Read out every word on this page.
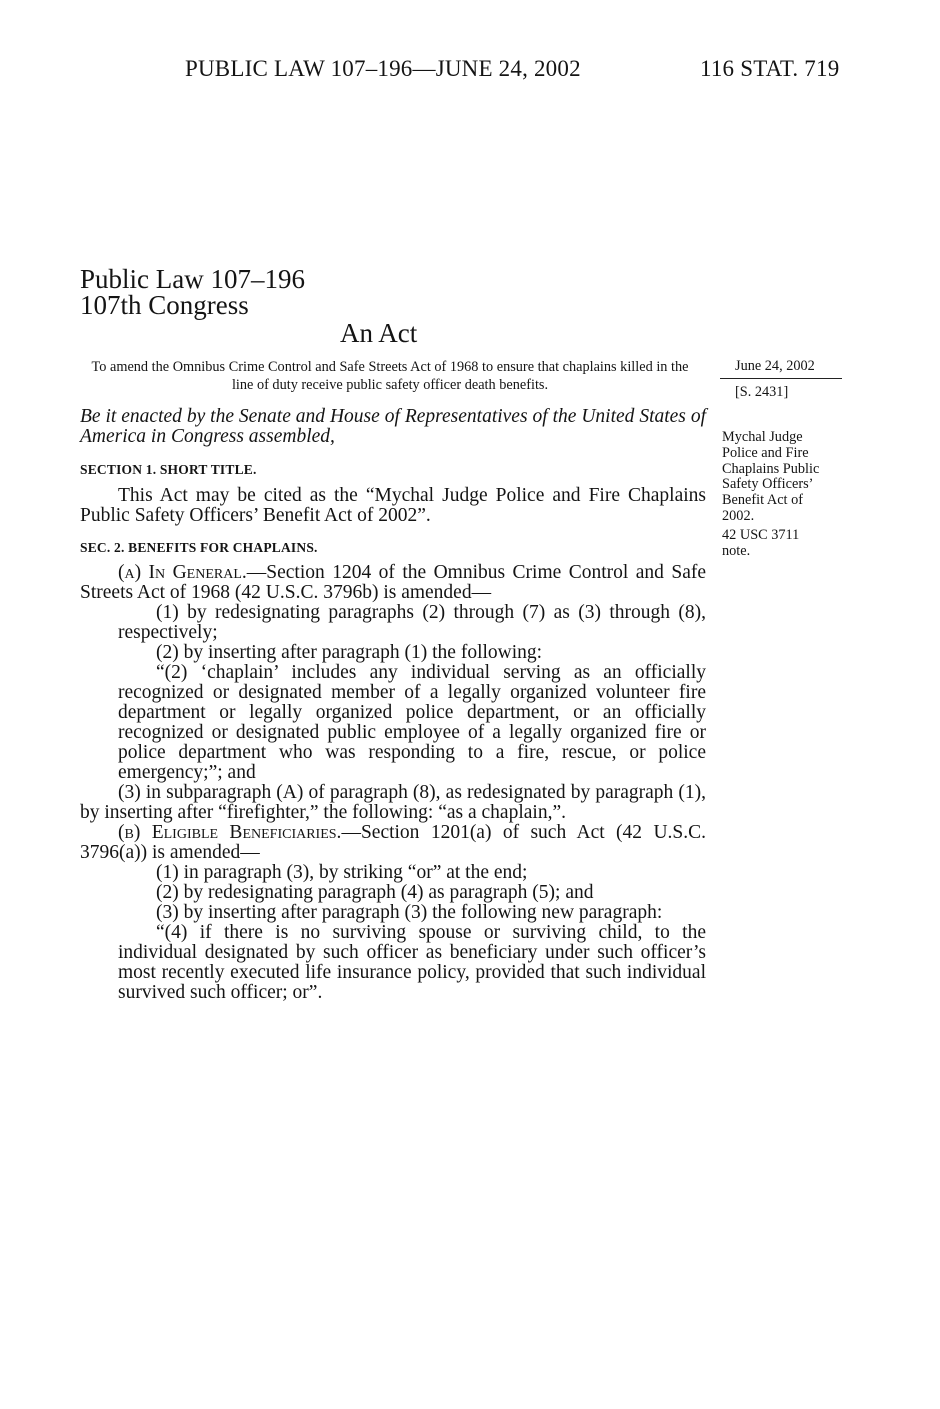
PUBLIC LAW 107–196—JUNE 24, 2002	116 STAT. 719
Public Law 107–196
107th Congress
An Act
To amend the Omnibus Crime Control and Safe Streets Act of 1968 to ensure that chaplains killed in the line of duty receive public safety officer death benefits.
June 24, 2002
[S. 2431]
Mychal Judge
Police and Fire
Chaplains Public
Safety Officers’
Benefit Act of
2002.
42 USC 3711
note.
Be it enacted by the Senate and House of Representatives of the United States of America in Congress assembled,
SECTION 1. SHORT TITLE.
This Act may be cited as the “Mychal Judge Police and Fire Chaplains Public Safety Officers’ Benefit Act of 2002”.
SEC. 2. BENEFITS FOR CHAPLAINS.

(a) In General.—Section 1204 of the Omnibus Crime Control and Safe Streets Act of 1968 (42 U.S.C. 3796b) is amended—

(1) by redesignating paragraphs (2) through (7) as (3) through (8), respectively;

(2) by inserting after paragraph (1) the following:

“(2) ‘chaplain’ includes any individual serving as an officially recognized or designated member of a legally organized volunteer fire department or legally organized police department, or an officially recognized or designated public employee of a legally organized fire or police department who was responding to a fire, rescue, or police emergency;”; and

(3) in subparagraph (A) of paragraph (8), as redesignated by paragraph (1), by inserting after “firefighter,” the following: “as a chaplain,”.

(b) Eligible Beneficiaries.—Section 1201(a) of such Act (42 U.S.C. 3796(a)) is amended—

(1) in paragraph (3), by striking “or” at the end;

(2) by redesignating paragraph (4) as paragraph (5); and

(3) by inserting after paragraph (3) the following new paragraph:

“(4) if there is no surviving spouse or surviving child, to the individual designated by such officer as beneficiary under such officer’s most recently executed life insurance policy, provided that such individual survived such officer; or”.
